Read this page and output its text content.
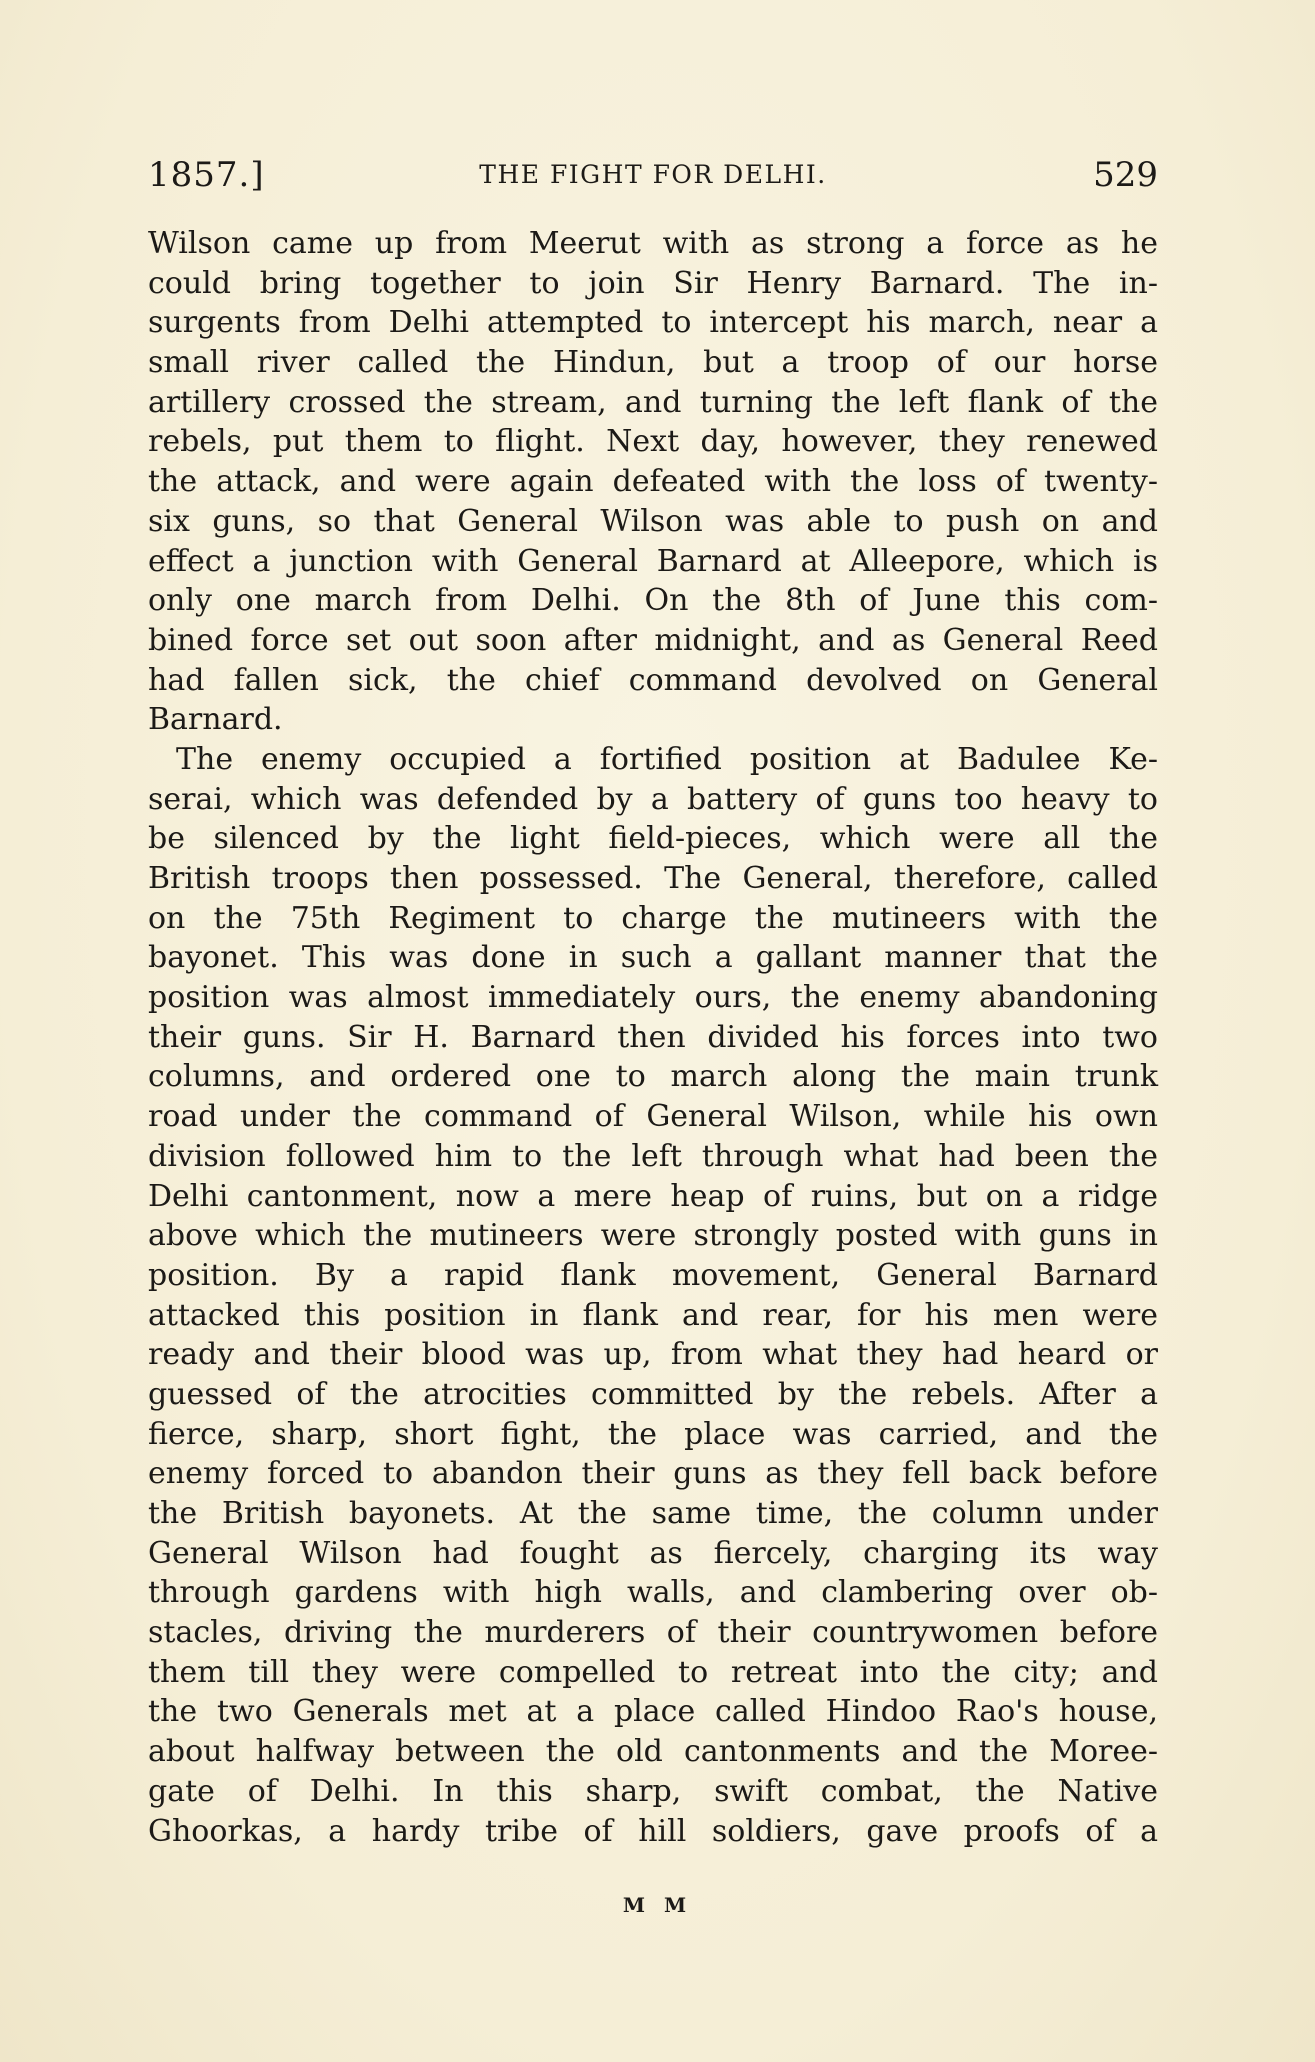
1857.]	THE FIGHT FOR DELHI.	529
Wilson came up from Meerut with as strong a force as he
could bring together to join Sir Henry Barnard. The in-
surgents from Delhi attempted to intercept his march, near a
small river called the Hindun, but a troop of our horse
artillery crossed the stream, and turning the left flank of the
rebels, put them to flight. Next day, however, they renewed
the attack, and were again defeated with the loss of twenty-
six guns, so that General Wilson was able to push on and
effect a junction with General Barnard at Alleepore, which is
only one march from Delhi. On the 8th of June this com-
bined force set out soon after midnight, and as General Reed
had fallen sick, the chief command devolved on General
Barnard.
The enemy occupied a fortified position at Badulee Ke-
serai, which was defended by a battery of guns too heavy to
be silenced by the light field-pieces, which were all the
British troops then possessed. The General, therefore, called
on the 75th Regiment to charge the mutineers with the
bayonet. This was done in such a gallant manner that the
position was almost immediately ours, the enemy abandoning
their guns. Sir H. Barnard then divided his forces into two
columns, and ordered one to march along the main trunk
road under the command of General Wilson, while his own
division followed him to the left through what had been the
Delhi cantonment, now a mere heap of ruins, but on a ridge
above which the mutineers were strongly posted with guns in
position. By a rapid flank movement, General Barnard
attacked this position in flank and rear, for his men were
ready and their blood was up, from what they had heard or
guessed of the atrocities committed by the rebels. After a
fierce, sharp, short fight, the place was carried, and the
enemy forced to abandon their guns as they fell back before
the British bayonets. At the same time, the column under
General Wilson had fought as fiercely, charging its way
through gardens with high walls, and clambering over ob-
stacles, driving the murderers of their countrywomen before
them till they were compelled to retreat into the city; and
the two Generals met at a place called Hindoo Rao's house,
about halfway between the old cantonments and the Moree-
gate of Delhi. In this sharp, swift combat, the Native
Ghoorkas, a hardy tribe of hill soldiers, gave proofs of a
M M
